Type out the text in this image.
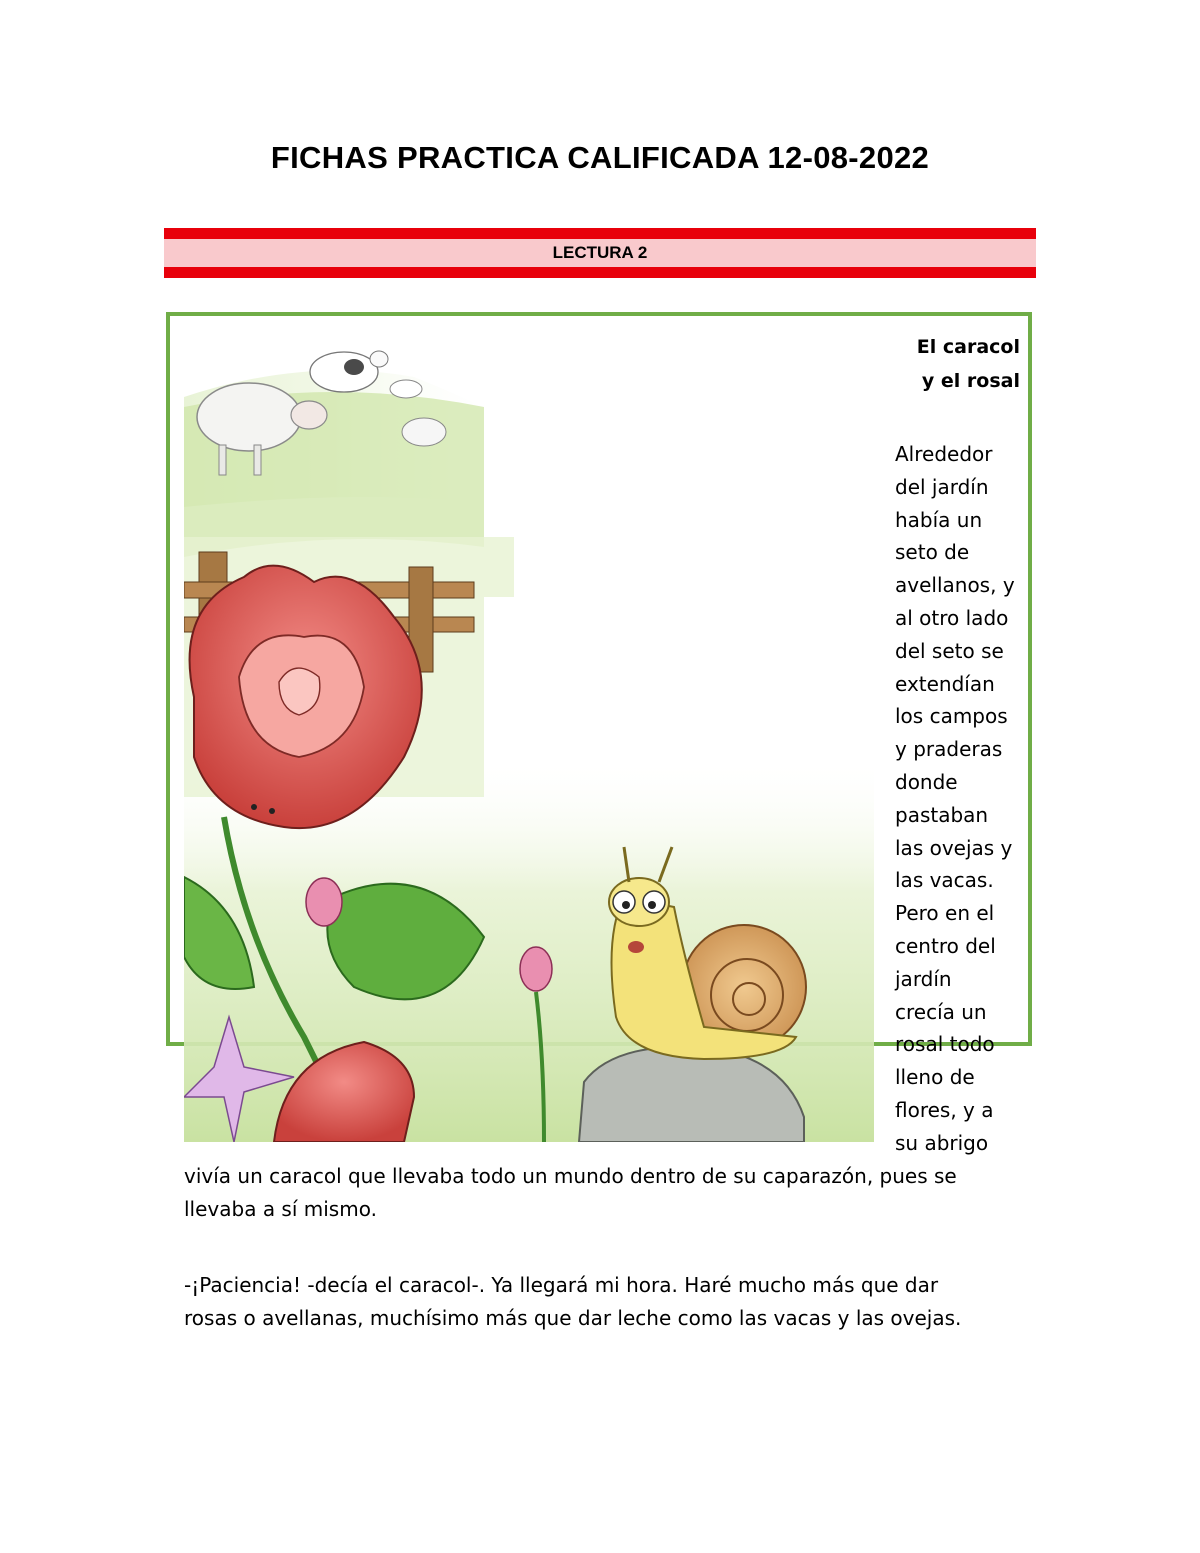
FICHAS PRACTICA CALIFICADA 12-08-2022
LECTURA 2
El caracol
y el rosal
Alrededor
del jardín
había un
seto de
avellanos, y
al otro lado
del seto se
extendían
los campos
y praderas
donde
pastaban
las ovejas y
las vacas.
Pero en el
centro del
jardín
crecía un
rosal todo
lleno de
flores, y a
su abrigo
vivía un caracol que llevaba todo un mundo dentro de su caparazón, pues se
llevaba a sí mismo.
-¡Paciencia! -decía el caracol-. Ya llegará mi hora. Haré mucho más que dar
rosas o avellanas, muchísimo más que dar leche como las vacas y las ovejas.
